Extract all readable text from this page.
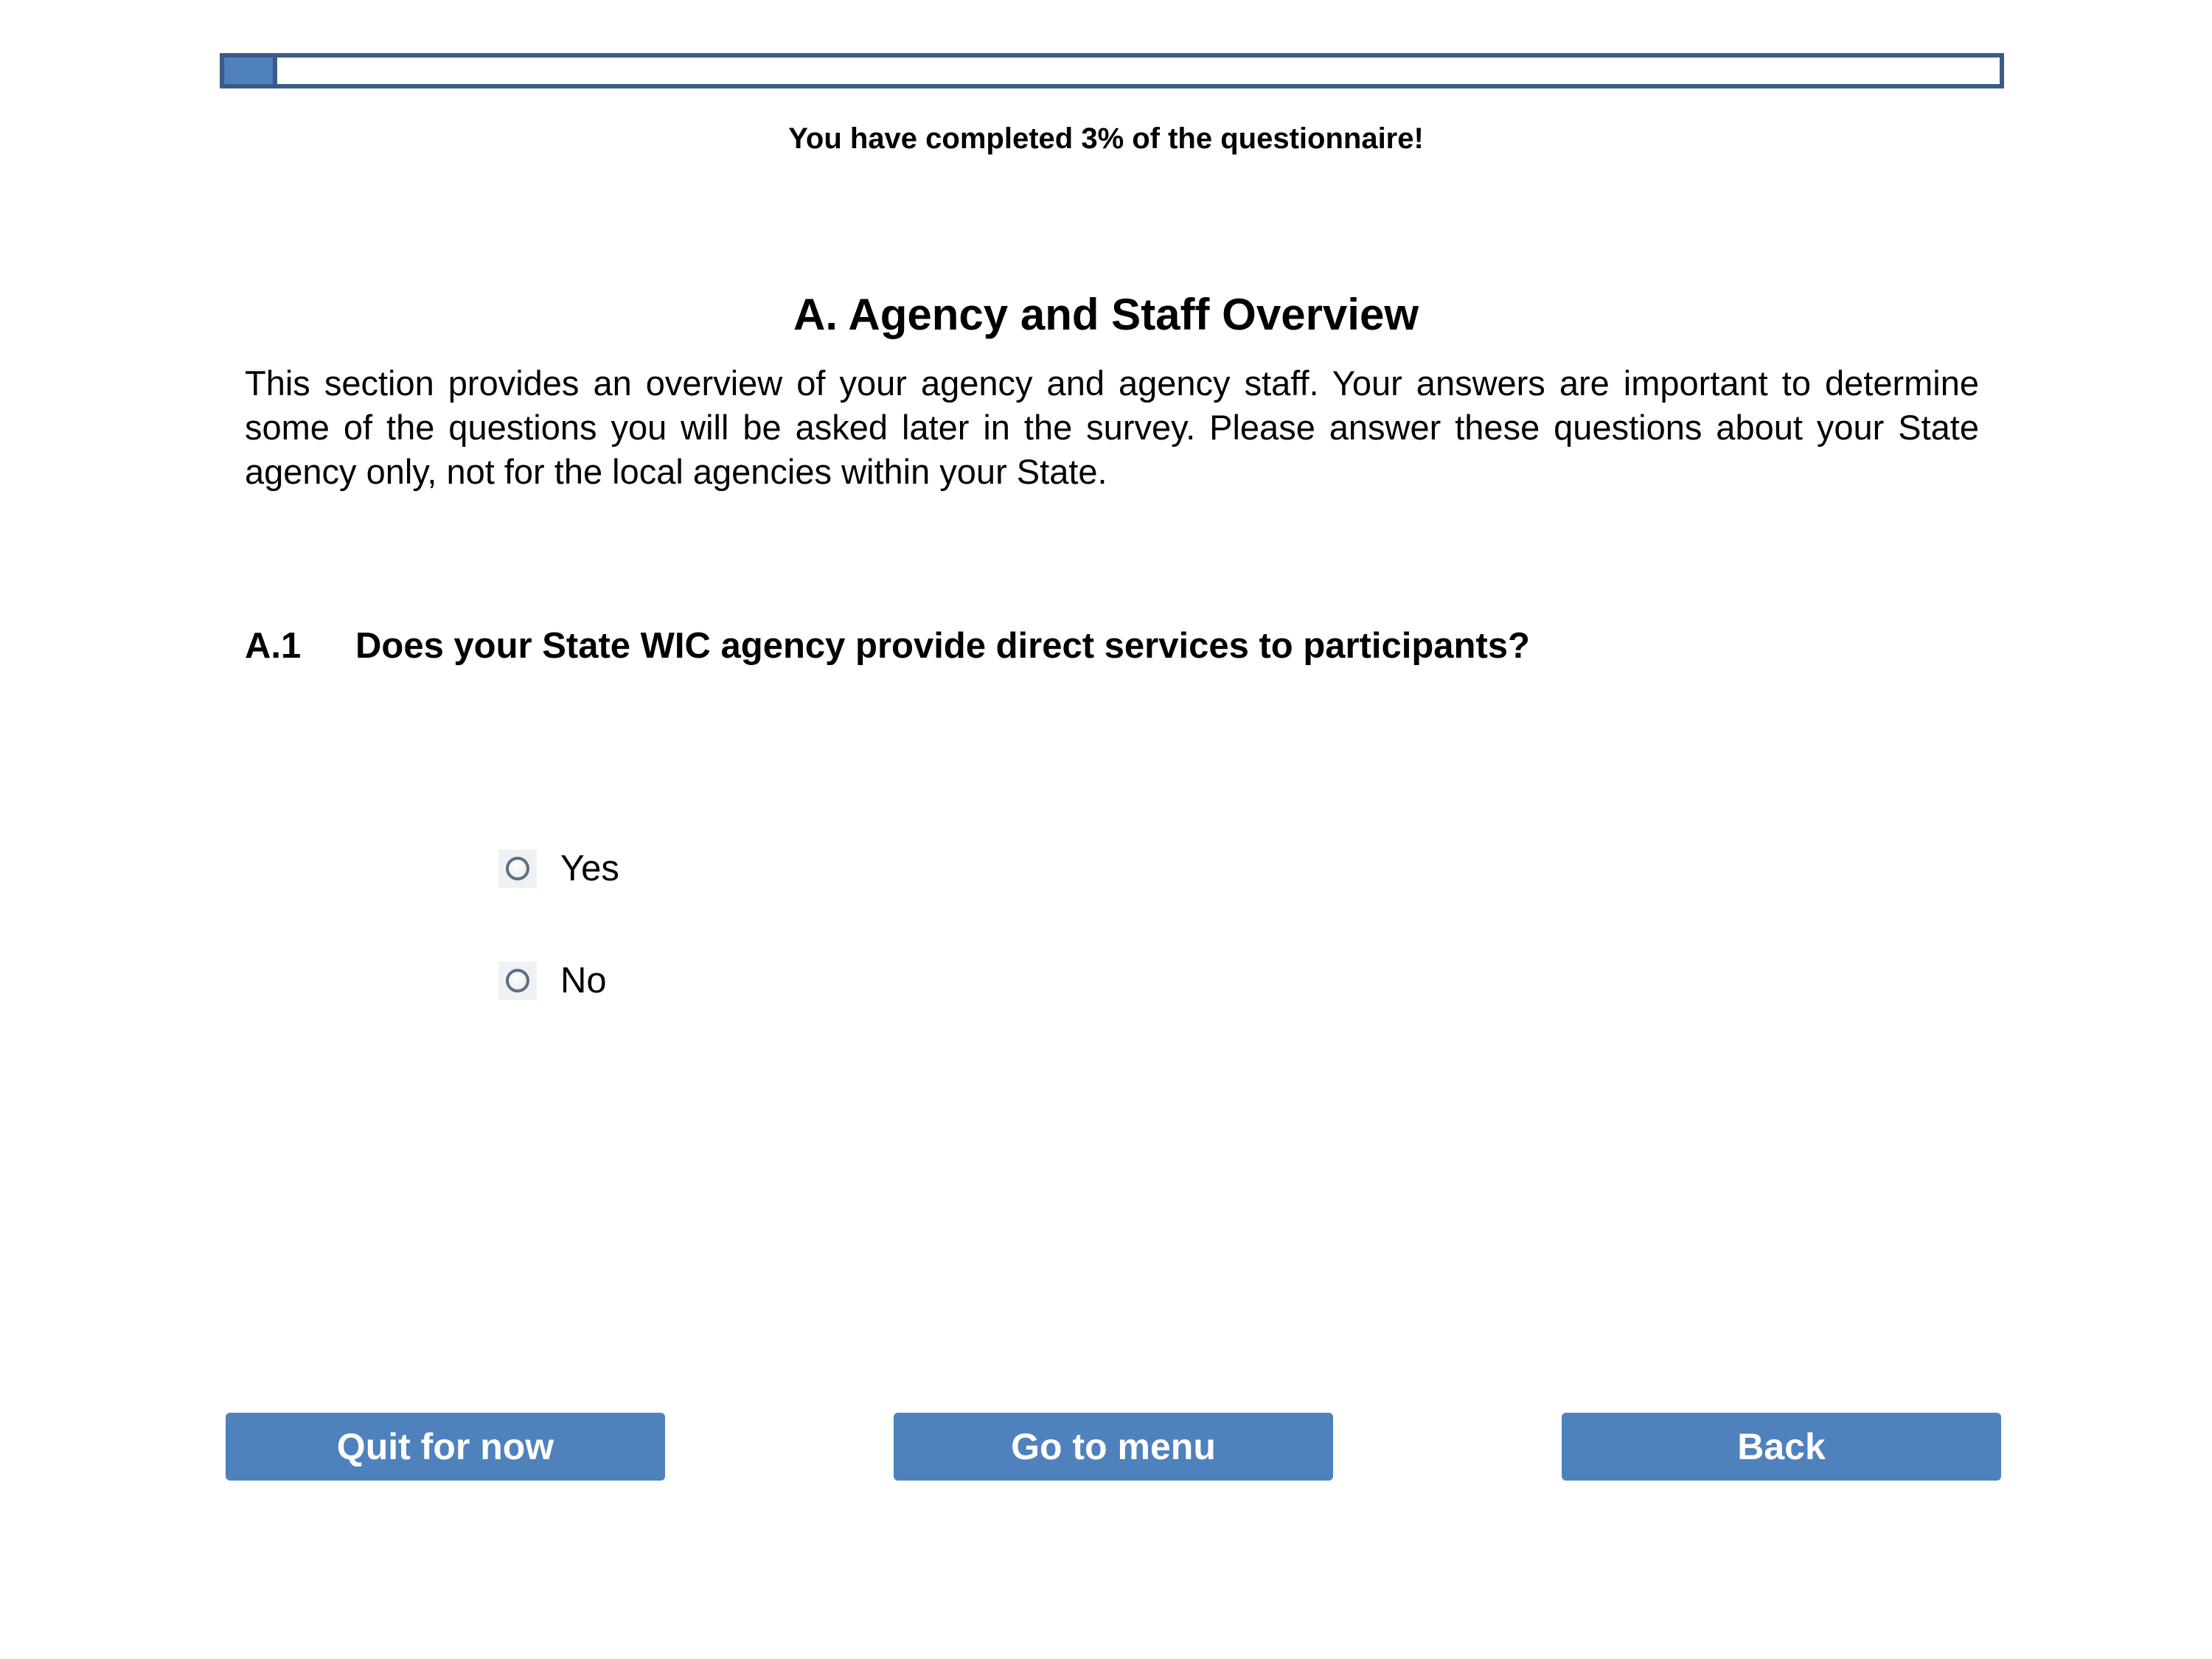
You have completed 3% of the questionnaire!
A. Agency and Staff Overview
This section provides an overview of your agency and agency staff. Your answers are important to determine some of the questions you will be asked later in the survey. Please answer these questions about your State agency only, not for the local agencies within your State.
A.1 Does your State WIC agency provide direct services to participants?
Yes
No
Quit for now	Go to menu	Back
